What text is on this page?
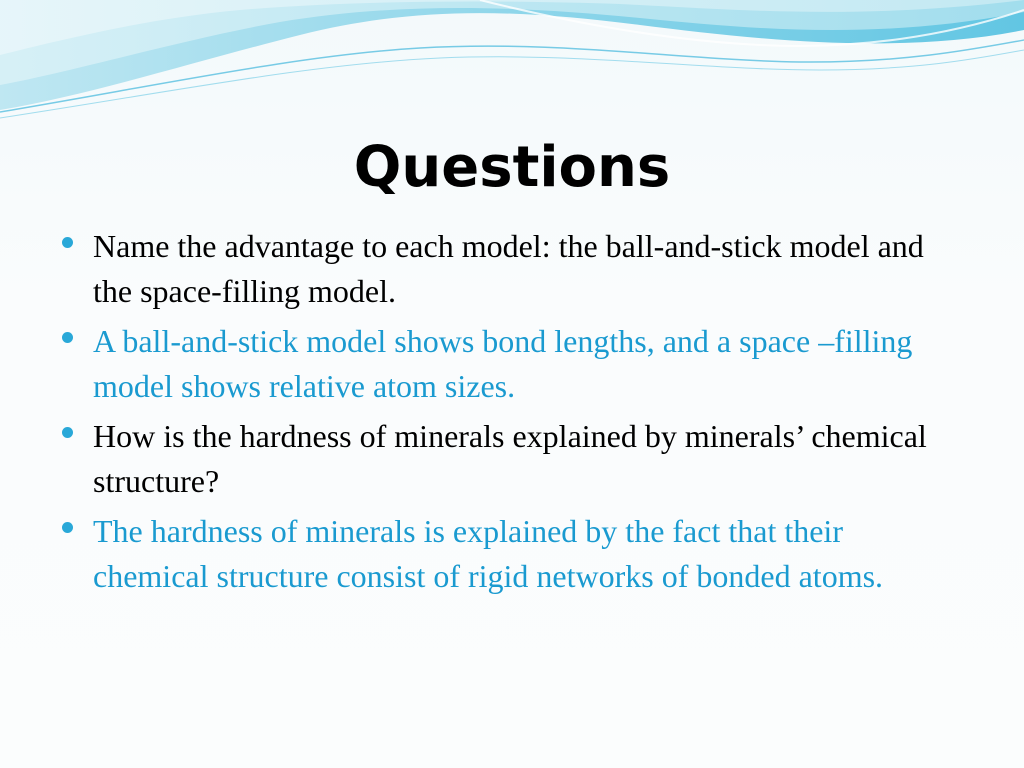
Questions
Name the advantage to each model: the ball-and-stick model and the space-filling model.
A ball-and-stick model shows bond lengths, and a space –filling model shows relative atom sizes.
How is the hardness of minerals explained by minerals’ chemical structure?
The hardness of minerals is explained by the fact that their chemical structure consist of rigid networks of bonded atoms.
